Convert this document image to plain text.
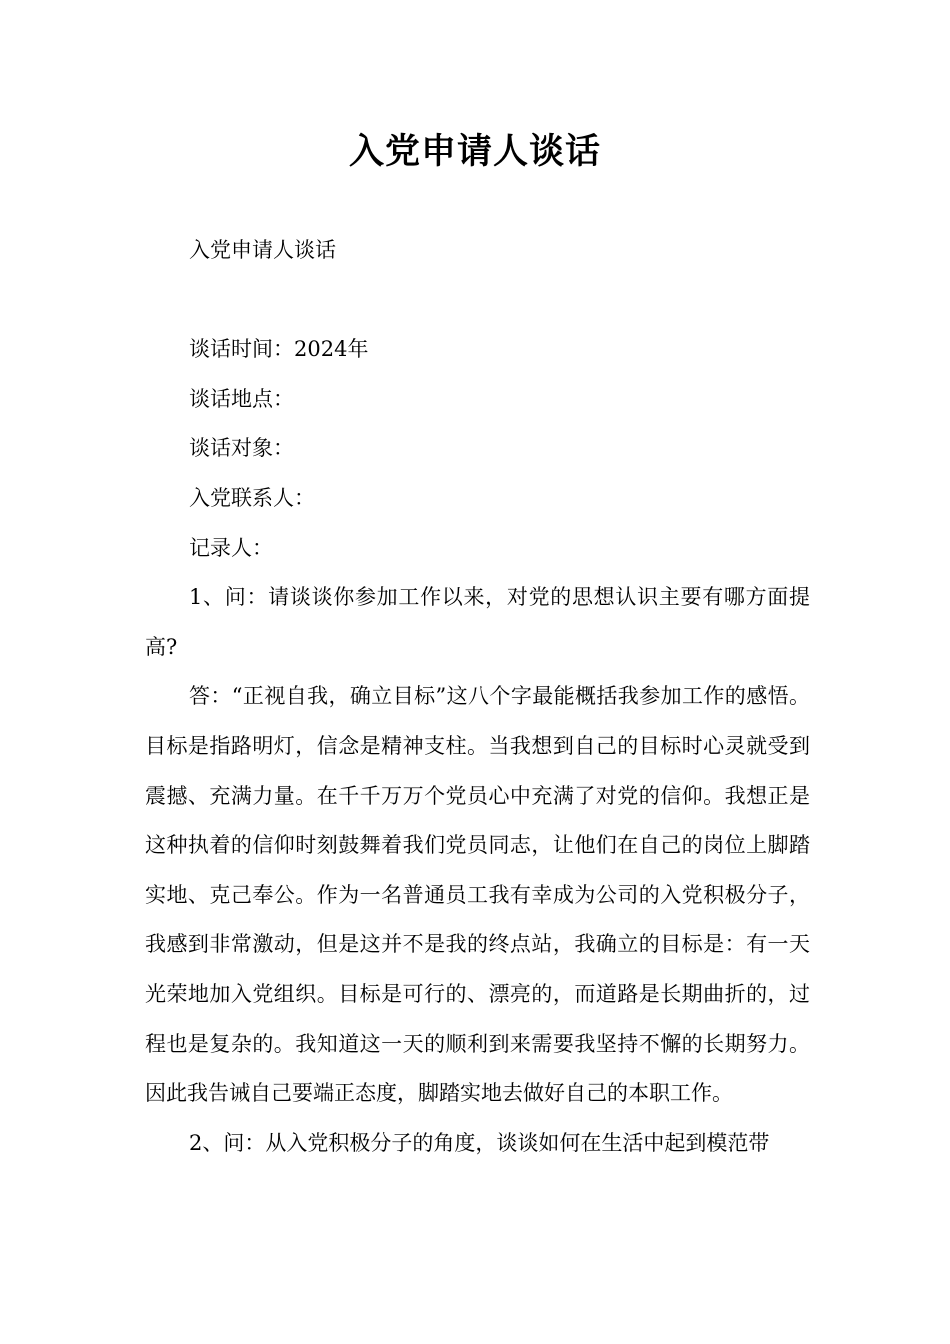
入党申请人谈话

入党申请人谈话

谈话时间：2024年

谈话地点：

谈话对象：

入党联系人：

记录人：

1、问：请谈谈你参加工作以来，对党的思想认识主要有哪方面提高?

答：“正视自我，确立目标”这八个字最能概括我参加工作的感悟。目标是指路明灯，信念是精神支柱。当我想到自己的目标时心灵就受到震撼、充满力量。在千千万万个党员心中充满了对党的信仰。我想正是这种执着的信仰时刻鼓舞着我们党员同志，让他们在自己的岗位上脚踏实地、克己奉公。作为一名普通员工我有幸成为公司的入党积极分子，我感到非常激动，但是这并不是我的终点站，我确立的目标是：有一天光荣地加入党组织。目标是可行的、漂亮的，而道路是长期曲折的，过程也是复杂的。我知道这一天的顺利到来需要我坚持不懈的长期努力。因此我告诫自己要端正态度，脚踏实地去做好自己的本职工作。

2、问：从入党积极分子的角度，谈谈如何在生活中起到模范带
